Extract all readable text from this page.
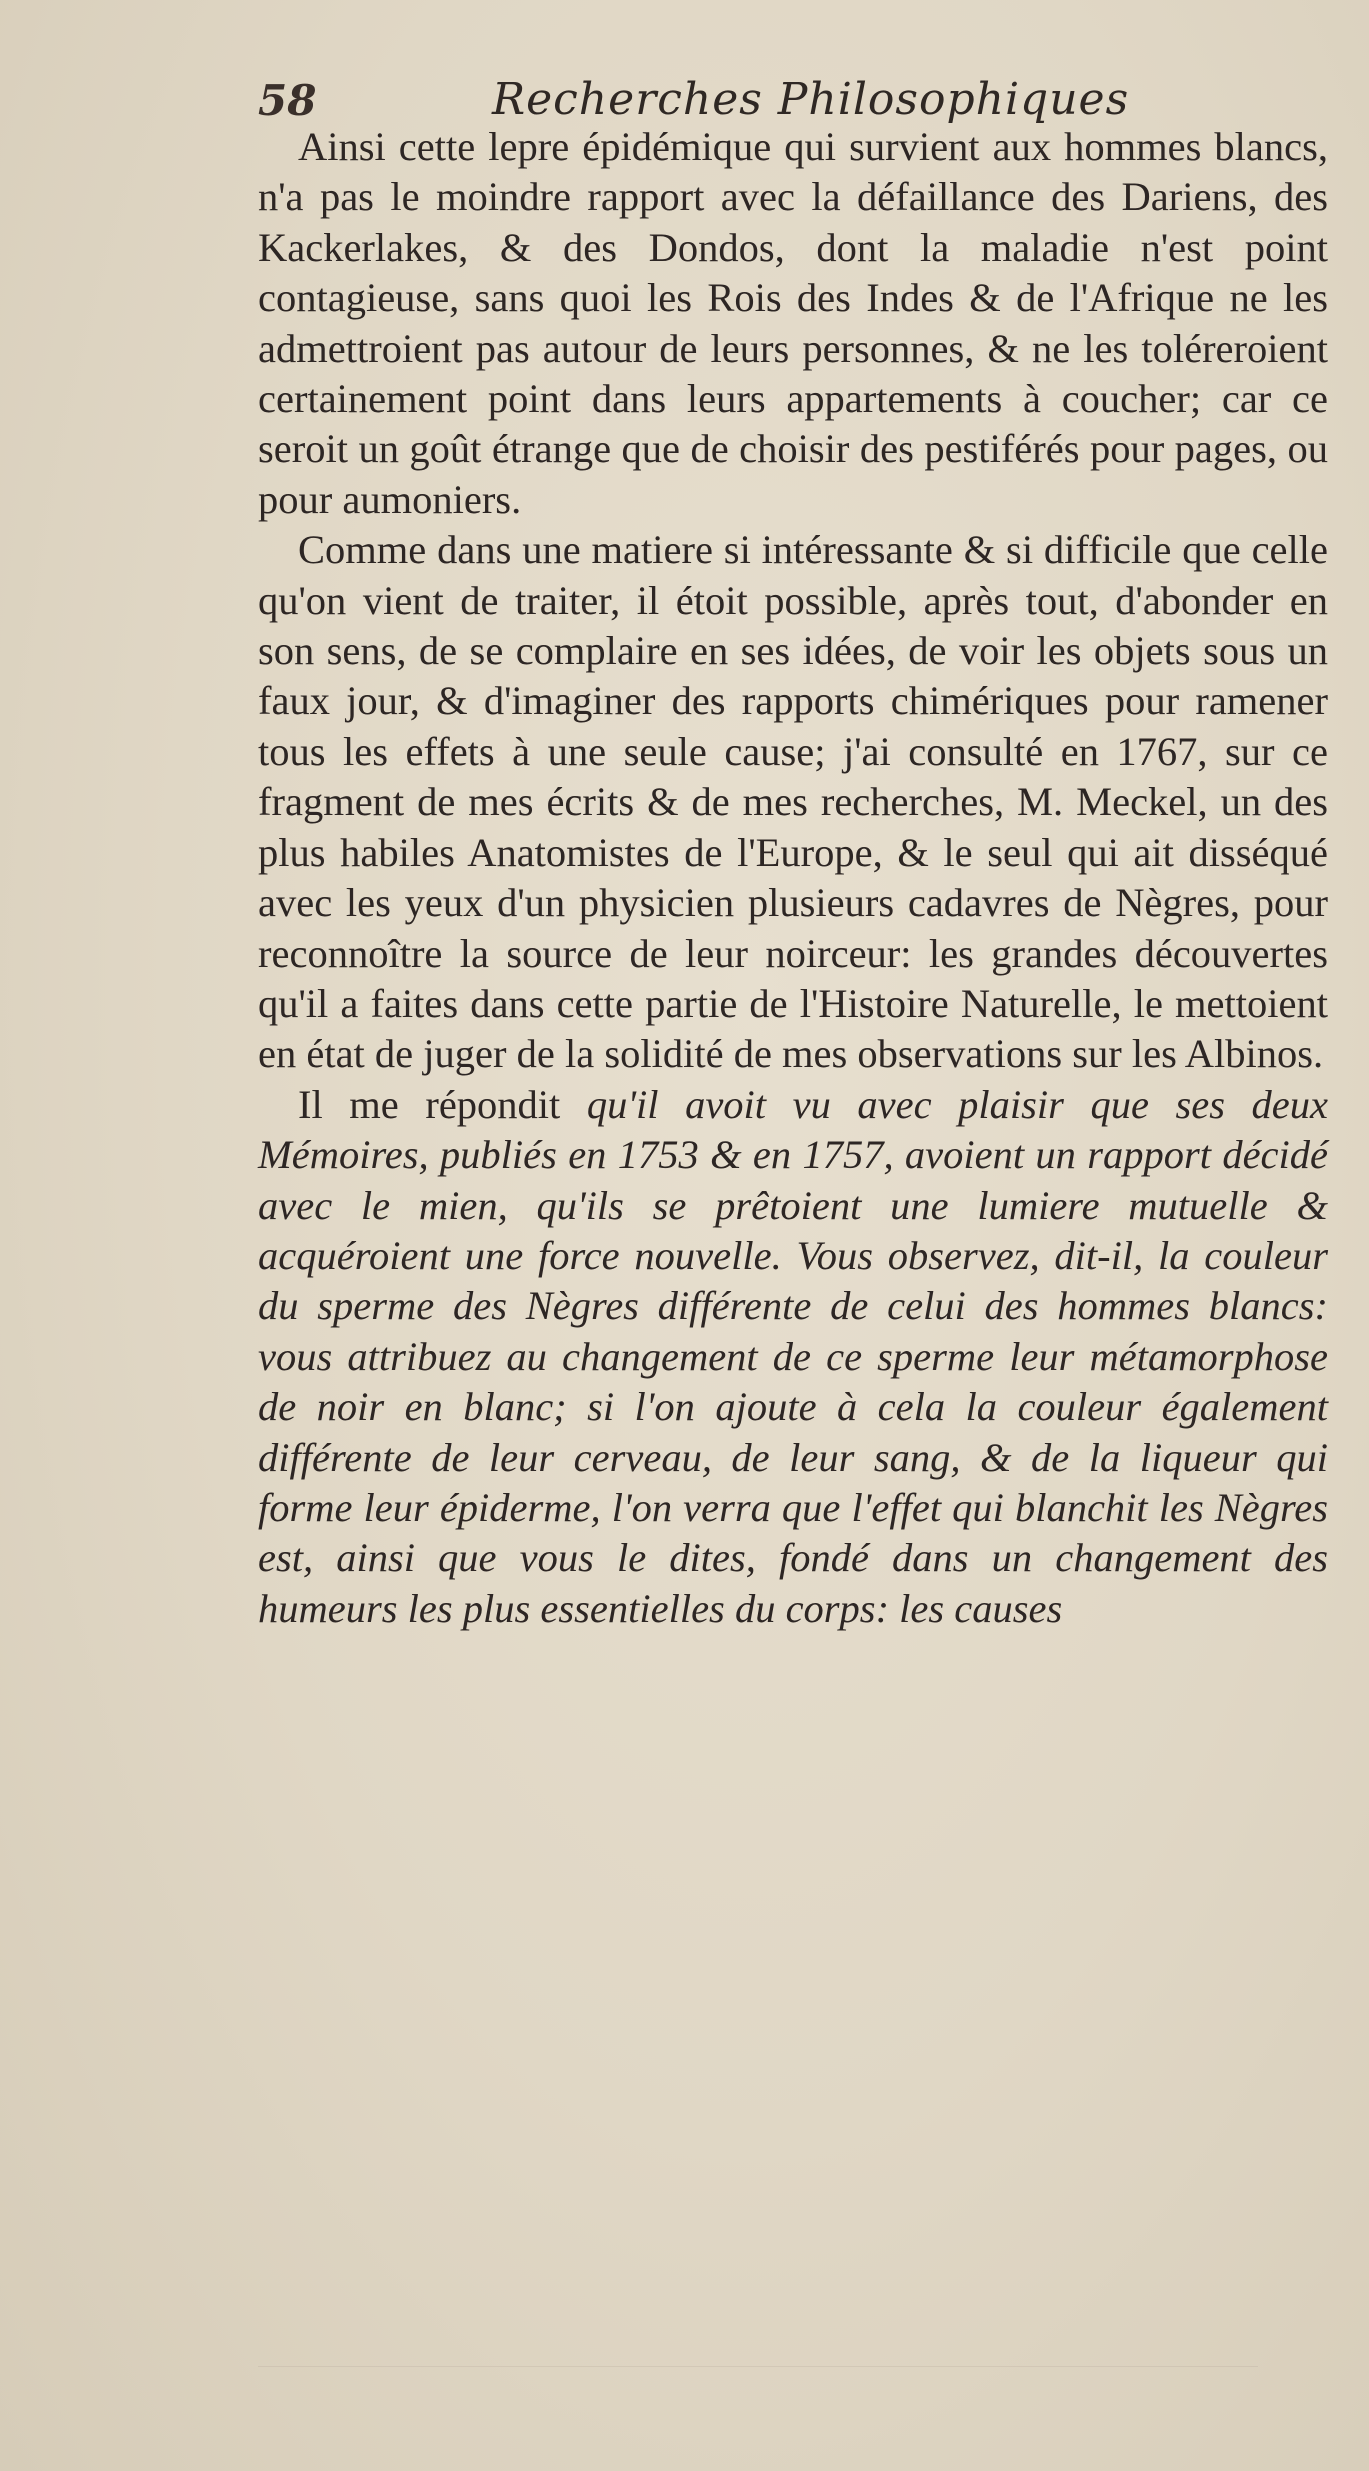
58	Recherches Philosophiques

Ainsi cette lepre épidémique qui survient aux hommes blancs, n'a pas le moindre rapport avec la défaillance des Dariens, des Kackerlakes, & des Dondos, dont la maladie n'est point contagieuse, sans quoi les Rois des Indes & de l'Afrique ne les admettroient pas autour de leurs personnes, & ne les toléreroient certainement point dans leurs appartements à coucher; car ce seroit un goût étrange que de choisir des pestiférés pour pages, ou pour aumoniers.

Comme dans une matiere si intéressante & si difficile que celle qu'on vient de traiter, il étoit possible, après tout, d'abonder en son sens, de se complaire en ses idées, de voir les objets sous un faux jour, & d'imaginer des rapports chimériques pour ramener tous les effets à une seule cause; j'ai consulté en 1767, sur ce fragment de mes écrits & de mes recherches, M. Meckel, un des plus habiles Anatomistes de l'Europe, & le seul qui ait disséqué avec les yeux d'un physicien plusieurs cadavres de Nègres, pour reconnoître la source de leur noirceur: les grandes découvertes qu'il a faites dans cette partie de l'Histoire Naturelle, le mettoient en état de juger de la solidité de mes observations sur les Albinos.

Il me répondit qu'il avoit vu avec plaisir que ses deux Mémoires, publiés en 1753 & en 1757, avoient un rapport décidé avec le mien, qu'ils se prêtoient une lumiere mutuelle & acquéroient une force nouvelle. Vous observez, dit-il, la couleur du sperme des Nègres différente de celui des hommes blancs: vous attribuez au changement de ce sperme leur métamorphose de noir en blanc; si l'on ajoute à cela la couleur également différente de leur cerveau, de leur sang, & de la liqueur qui forme leur épiderme, l'on verra que l'effet qui blanchit les Nègres est, ainsi que vous le dites, fondé dans un changement des humeurs les plus essentielles du corps: les causes
